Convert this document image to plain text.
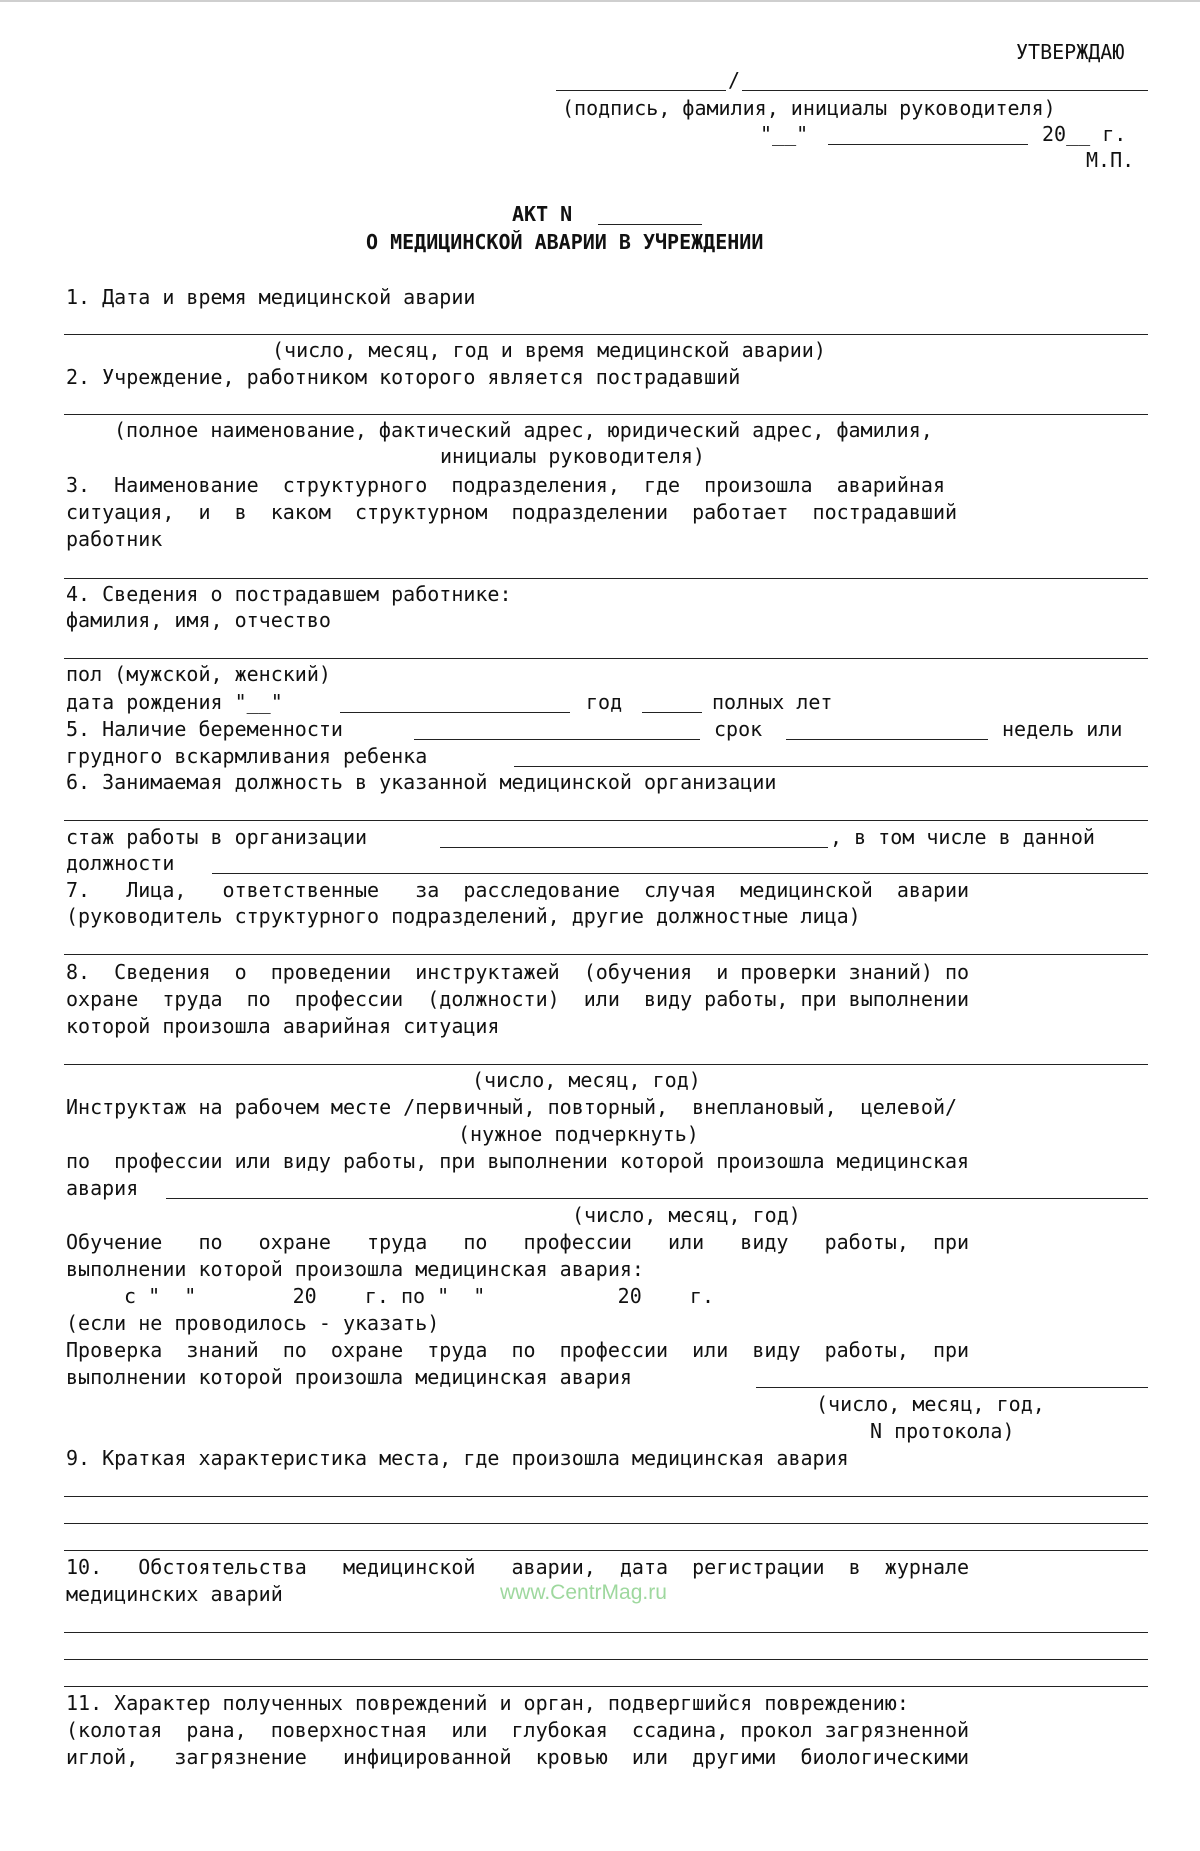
УТВЕРЖДАЮ
/
(подпись, фамилия, инициалы руководителя)
"__"	20__ г.
М.П.
АКТ N
О МЕДИЦИНСКОЙ АВАРИИ В УЧРЕЖДЕНИИ
1. Дата и время медицинской аварии
(число, месяц, год и время медицинской аварии)
2. Учреждение, работником которого является пострадавший
(полное наименование, фактический адрес, юридический адрес, фамилия,
инициалы руководителя)
3.  Наименование  структурного  подразделения,  где  произошла  аварийная
ситуация,  и  в  каком  структурном  подразделении  работает  пострадавший
работник
4. Сведения о пострадавшем работнике:
фамилия, имя, отчество
пол (мужской, женский)
дата рождения "__"	год	полных лет
5. Наличие беременности	срок	недель или
грудного вскармливания ребенка
6. Занимаемая должность в указанной медицинской организации
стаж работы в организации	, в том числе в данной
должности
7.   Лица,   ответственные   за  расследование  случая  медицинской  аварии
(руководитель структурного подразделений, другие должностные лица)
8.  Сведения  о  проведении  инструктажей  (обучения  и проверки знаний) по
охране  труда  по  профессии  (должности)  или  виду работы, при выполнении
которой произошла аварийная ситуация
(число, месяц, год)
Инструктаж на рабочем месте /первичный, повторный,  внеплановый,  целевой/
(нужное подчеркнуть)
по  профессии или виду работы, при выполнении которой произошла медицинская
авария
(число, месяц, год)
Обучение   по   охране   труда   по   профессии   или   виду   работы,  при
выполнении которой произошла медицинская авария:
с "  "        20    г. по "  "           20    г.
(если не проводилось - указать)
Проверка  знаний  по  охране  труда  по  профессии  или  виду  работы,  при
выполнении которой произошла медицинская авария
(число, месяц, год,
N протокола)
9. Краткая характеристика места, где произошла медицинская авария
10.   Обстоятельства   медицинской   аварии,  дата  регистрации  в  журнале
медицинских аварий	www.CentrMag.ru
11. Характер полученных повреждений и орган, подвергшийся повреждению:
(колотая  рана,  поверхностная  или  глубокая  ссадина, прокол загрязненной
иглой,   загрязнение   инфицированной  кровью  или  другими  биологическими
